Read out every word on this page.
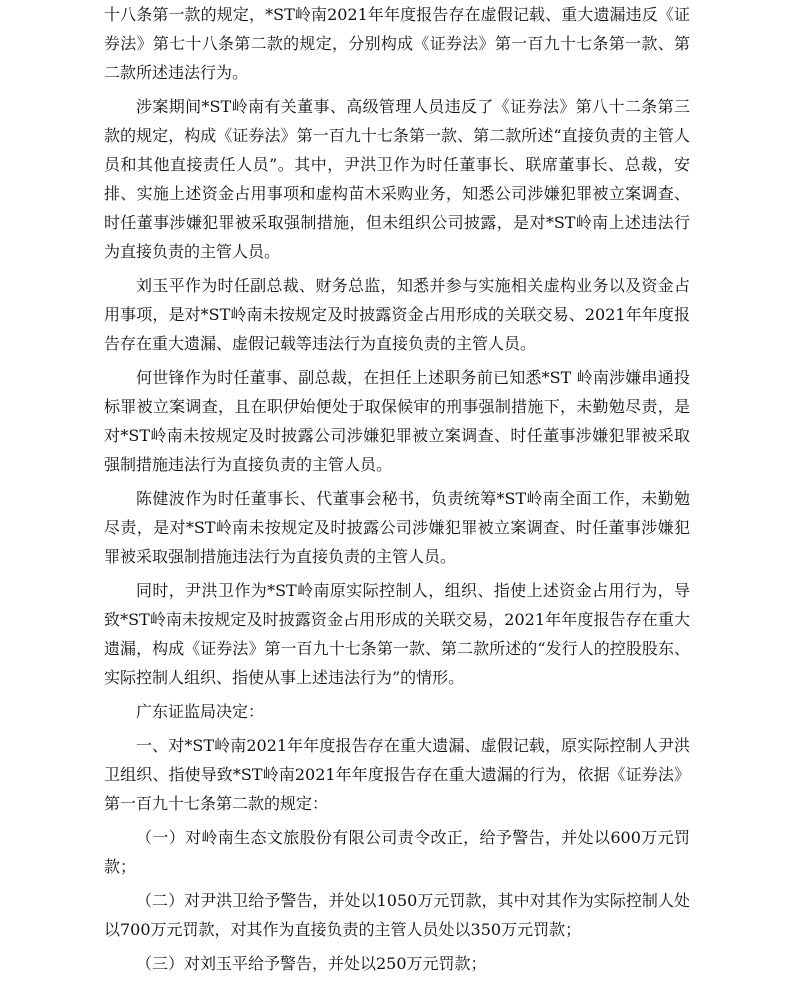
十八条第一款的规定，*ST岭南2021年年度报告存在虚假记载、重大遗漏违反《证券法》第七十八条第二款的规定，分别构成《证券法》第一百九十七条第一款、第二款所述违法行为。

涉案期间*ST岭南有关董事、高级管理人员违反了《证券法》第八十二条第三款的规定，构成《证券法》第一百九十七条第一款、第二款所述“直接负责的主管人员和其他直接责任人员”。其中，尹洪卫作为时任董事长、联席董事长、总裁，安排、实施上述资金占用事项和虚构苗木采购业务，知悉公司涉嫌犯罪被立案调查、时任董事涉嫌犯罪被采取强制措施，但未组织公司披露，是对*ST岭南上述违法行为直接负责的主管人员。

刘玉平作为时任副总裁、财务总监，知悉并参与实施相关虚构业务以及资金占用事项，是对*ST岭南未按规定及时披露资金占用形成的关联交易、2021年年度报告存在重大遗漏、虚假记载等违法行为直接负责的主管人员。

何世锋作为时任董事、副总裁，在担任上述职务前已知悉*ST 岭南涉嫌串通投标罪被立案调查，且在职伊始便处于取保候审的刑事强制措施下，未勤勉尽责，是对*ST岭南未按规定及时披露公司涉嫌犯罪被立案调查、时任董事涉嫌犯罪被采取强制措施违法行为直接负责的主管人员。

陈健波作为时任董事长、代董事会秘书，负责统筹*ST岭南全面工作，未勤勉尽责，是对*ST岭南未按规定及时披露公司涉嫌犯罪被立案调查、时任董事涉嫌犯罪被采取强制措施违法行为直接负责的主管人员。

同时，尹洪卫作为*ST岭南原实际控制人，组织、指使上述资金占用行为，导致*ST岭南未按规定及时披露资金占用形成的关联交易，2021年年度报告存在重大遗漏，构成《证券法》第一百九十七条第一款、第二款所述的“发行人的控股股东、实际控制人组织、指使从事上述违法行为”的情形。

广东证监局决定：

一、对*ST岭南2021年年度报告存在重大遗漏、虚假记载，原实际控制人尹洪卫组织、指使导致*ST岭南2021年年度报告存在重大遗漏的行为，依据《证券法》第一百九十七条第二款的规定：

（一）对岭南生态文旅股份有限公司责令改正，给予警告，并处以600万元罚款；

（二）对尹洪卫给予警告，并处以1050万元罚款，其中对其作为实际控制人处以700万元罚款，对其作为直接负责的主管人员处以350万元罚款；

（三）对刘玉平给予警告，并处以250万元罚款；
